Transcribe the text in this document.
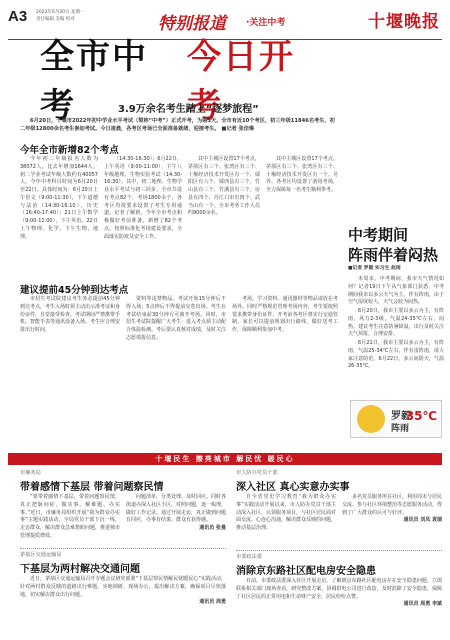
A3 2022年6月20日 星期一
责任编辑 美编 校对	特别报道 ·关注中考	十堰晚报
全市中考
今日开考
3.9万余名考生踏上“逐梦旅程”
6月20日，十堰市2022年初中学业水平考试（简称“中考”）正式开考，为期3天。全市有近10个考区，初三年级11846名考生、初二年级12800余名考生参加考试。今日凌晨，各考区考场已全面准备就绪，迎接考生。 ■记者 张佳琳
今年全市新增82个考点

今年初三年级报名人数为38072人，比去年增加1644人。初二学业考试年级人数约有40057人。今年中考科目时间为6月20日至22日。具体时间为：6月20日上午语文（9:00-11:30），下午道德与法治（14:30-16:10）、历史（16:40-17:40）；21日上午数学（9:00-11:00），下午英语。22日上午物理、化学，下午生物、地理。

（14:30-16:30）；6月22日，上午英语（9:00-11:00），下午八年级地理、生物实验考试（14:30-16:30）。其中，初二地理、生物学业水平考试与初三同步。全市共设有考点82个，考场1800余个，各考区均按要求设置了考生专用通道。记者了解到，今年全市考点积极做好考前准备，新增了82个考点，按照标准化考场建设要求，全面落实防疫及安全工作。

其中主城区设置17个考点，茅箭区有三个、张湾区有三个、十堰经济技术开发区有一个、郧阳区有六个、郧西县有三个、竹山县有三个、竹溪县有三个、房县有四个、丹江口市有四个、武当山有一个。全市考务工作人员约9000余名。

其中主城区设置17个考点，茅箭区有三个、张湾区有三个、十堰经济技术开发区有一个。另外，各考区均设置了备用考场，全力保障每一名考生顺利参考。

建议提前45分钟到达考点

市招生考试院建议考生务必提前45分钟到达考点，考生入场时须主动出示准考证和身份证件，自觉接受检查。考试期间严禁携带手机、智能手表等通讯设备入场。考生应合理安排出行时间，

资料等违禁物品。考试开始15分钟后不得入场；5点钟后不得提前交卷出场。考生在考试结束前30分钟方可离开考场。同时，市招生考试院提醒广大考生：进入考点须主动配合体温检测。考后要认真核对成绩，及时关注志愿填报信息。

考场、学习资料、通讯器材等物品请放在考场外。同时严格规范管理考场内外，考生要按照要求携带身份证件，开考前各考区将实行交通管制，家长可以提前规划出行路线，做好送考工作，保障顺利参加中考。

中考期间
阵雨伴着闷热
■记者 罗毅 实习生 赵雨

本周末，中考期间，我市天气情况如何？记者19日下午从气象部门获悉，中考期间我市以多云天气为主，伴有阵雨，由于空气湿度较大，天气会较为闷热。

6月20日，我市主要以多云为主，有阵雨，风力2-3级，气温24-35℃左右，闷热。建议考生注意防暑降温，出行及时关注天气预报，合理安排。

6月21日，我市主要以多云为主，有阵雨，气温25-34℃左右，伴有雷阵雨，请大家注意防范。6月22日，多云间阴天，气温26-35℃。

罗毅
阵雨
35℃
十堰民生 擦亮城市 解民忧 暖民心
市廉务局
带着感情下基层 带着问题察民情

“要带着感情下基层，带着问题察民情，真正把脉问症，做实事、解难题、办实事。”近日，市廉务局组织开展“我为群众办实事”主题实践活动，全局党员干部下沉一线，走访群众，解决群众急难愁盼问题，推进城市管理提质增效。

问题清单，分类处理、及时回应。同时各街道办深入社区小区，对照问题，逐一梳理，做好工作记录。通过开展走访，真正做到问题有回应，办事有结果，群众有获得感。

通讯员 张曼
市人防办党员干部
深入社区 真心实意办实事

自全省党史学习教育“我为群众办实事”实践活动开展以来，市人防办党员干部主动深入社区，认领服务项目，与社区居民面对面交流、心连心沟通，解决群众反映的问题，推动基层治理。

多名党员服务所在社区，利用周末与居民交流、参与社区环境整治等志愿服务活动，得到了广大群众的认可与好评。

通讯员 刘凤 袁瑞
茅箭区交通运输局
下基层为两村解决交通问题

近日，茅箭区交通运输局召开专题会议研究部署“下基层察民情解民忧暖民心”实践活动，针对两村群众反映的道路出行难题，实地调研，现场办公，提出解决方案，确保项目尽快落地，切实解决群众出行问题。

通讯员 周勇
市委政法委
消除京东路社区配电房安全隐患

日前，市委政法委深入社区开展走访，了解到京东路社区配电房存在安全隐患问题，立即联系相关部门现场查看，研究整改方案，协调供电公司进行改造，及时消除了安全隐患，保障了社区居民的正常用电和生命财产安全，居民纷纷点赞。

通讯员 周勇 李斌
